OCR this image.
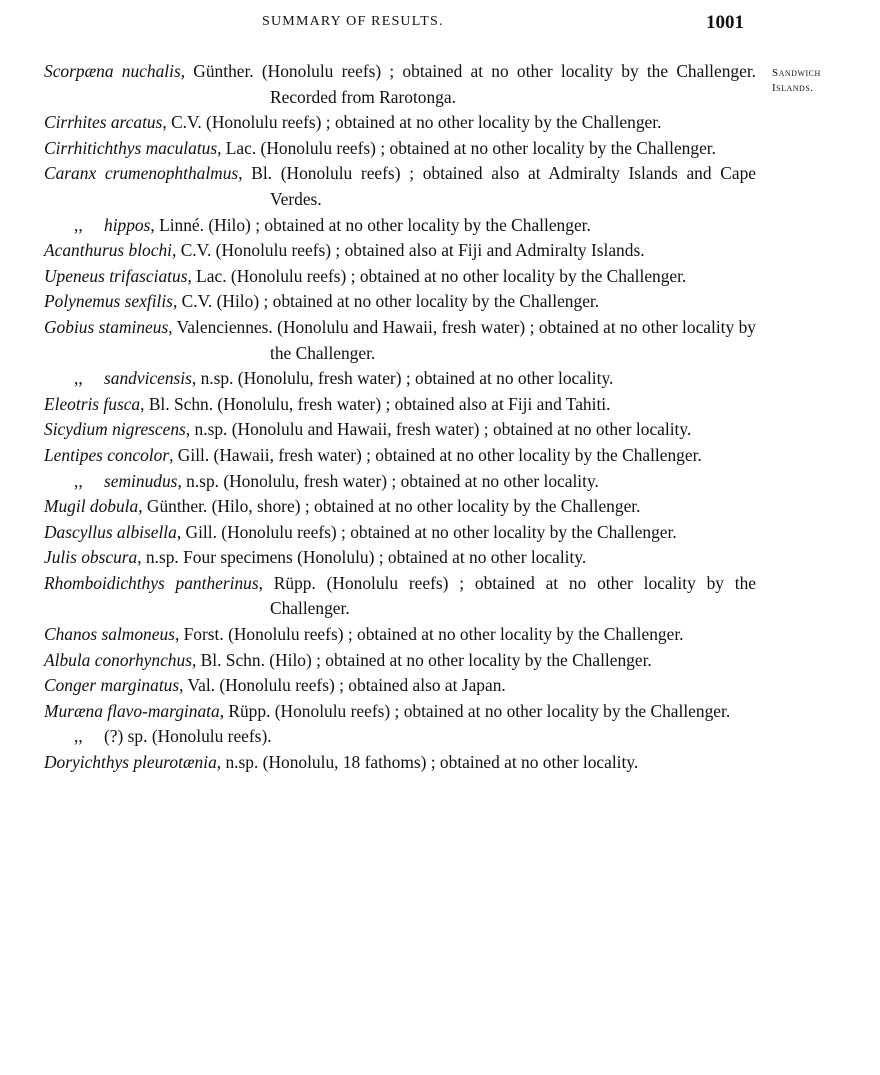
SUMMARY OF RESULTS.	1001
Sandwich
Islands.
Scorpæna nuchalis, Günther. (Honolulu reefs) ; obtained at no other locality by the Challenger. Recorded from Rarotonga.
Cirrhites arcatus, C.V. (Honolulu reefs) ; obtained at no other locality by the Challenger.
Cirrhitichthys maculatus, Lac. (Honolulu reefs) ; obtained at no other locality by the Challenger.
Caranx crumenophthalmus, Bl. (Honolulu reefs) ; obtained also at Admiralty Islands and Cape Verdes.
,, hippos, Linné. (Hilo) ; obtained at no other locality by the Challenger.
Acanthurus blochi, C.V. (Honolulu reefs) ; obtained also at Fiji and Admiralty Islands.
Upeneus trifasciatus, Lac. (Honolulu reefs) ; obtained at no other locality by the Challenger.
Polynemus sexfilis, C.V. (Hilo) ; obtained at no other locality by the Challenger.
Gobius stamineus, Valenciennes. (Honolulu and Hawaii, fresh water) ; obtained at no other locality by the Challenger.
,, sandvicensis, n.sp. (Honolulu, fresh water) ; obtained at no other locality.
Eleotris fusca, Bl. Schn. (Honolulu, fresh water) ; obtained also at Fiji and Tahiti.
Sicydium nigrescens, n.sp. (Honolulu and Hawaii, fresh water) ; obtained at no other locality.
Lentipes concolor, Gill. (Hawaii, fresh water) ; obtained at no other locality by the Challenger.
,, seminudus, n.sp. (Honolulu, fresh water) ; obtained at no other locality.
Mugil dobula, Günther. (Hilo, shore) ; obtained at no other locality by the Challenger.
Dascyllus albisella, Gill. (Honolulu reefs) ; obtained at no other locality by the Challenger.
Julis obscura, n.sp. Four specimens (Honolulu) ; obtained at no other locality.
Rhomboidichthys pantherinus, Rüpp. (Honolulu reefs) ; obtained at no other locality by the Challenger.
Chanos salmoneus, Forst. (Honolulu reefs) ; obtained at no other locality by the Challenger.
Albula conorhynchus, Bl. Schn. (Hilo) ; obtained at no other locality by the Challenger.
Conger marginatus, Val. (Honolulu reefs) ; obtained also at Japan.
Muræna flavo-marginata, Rüpp. (Honolulu reefs) ; obtained at no other locality by the Challenger.
,, (?) sp. (Honolulu reefs).
Doryichthys pleurotænia, n.sp. (Honolulu, 18 fathoms) ; obtained at no other locality.
